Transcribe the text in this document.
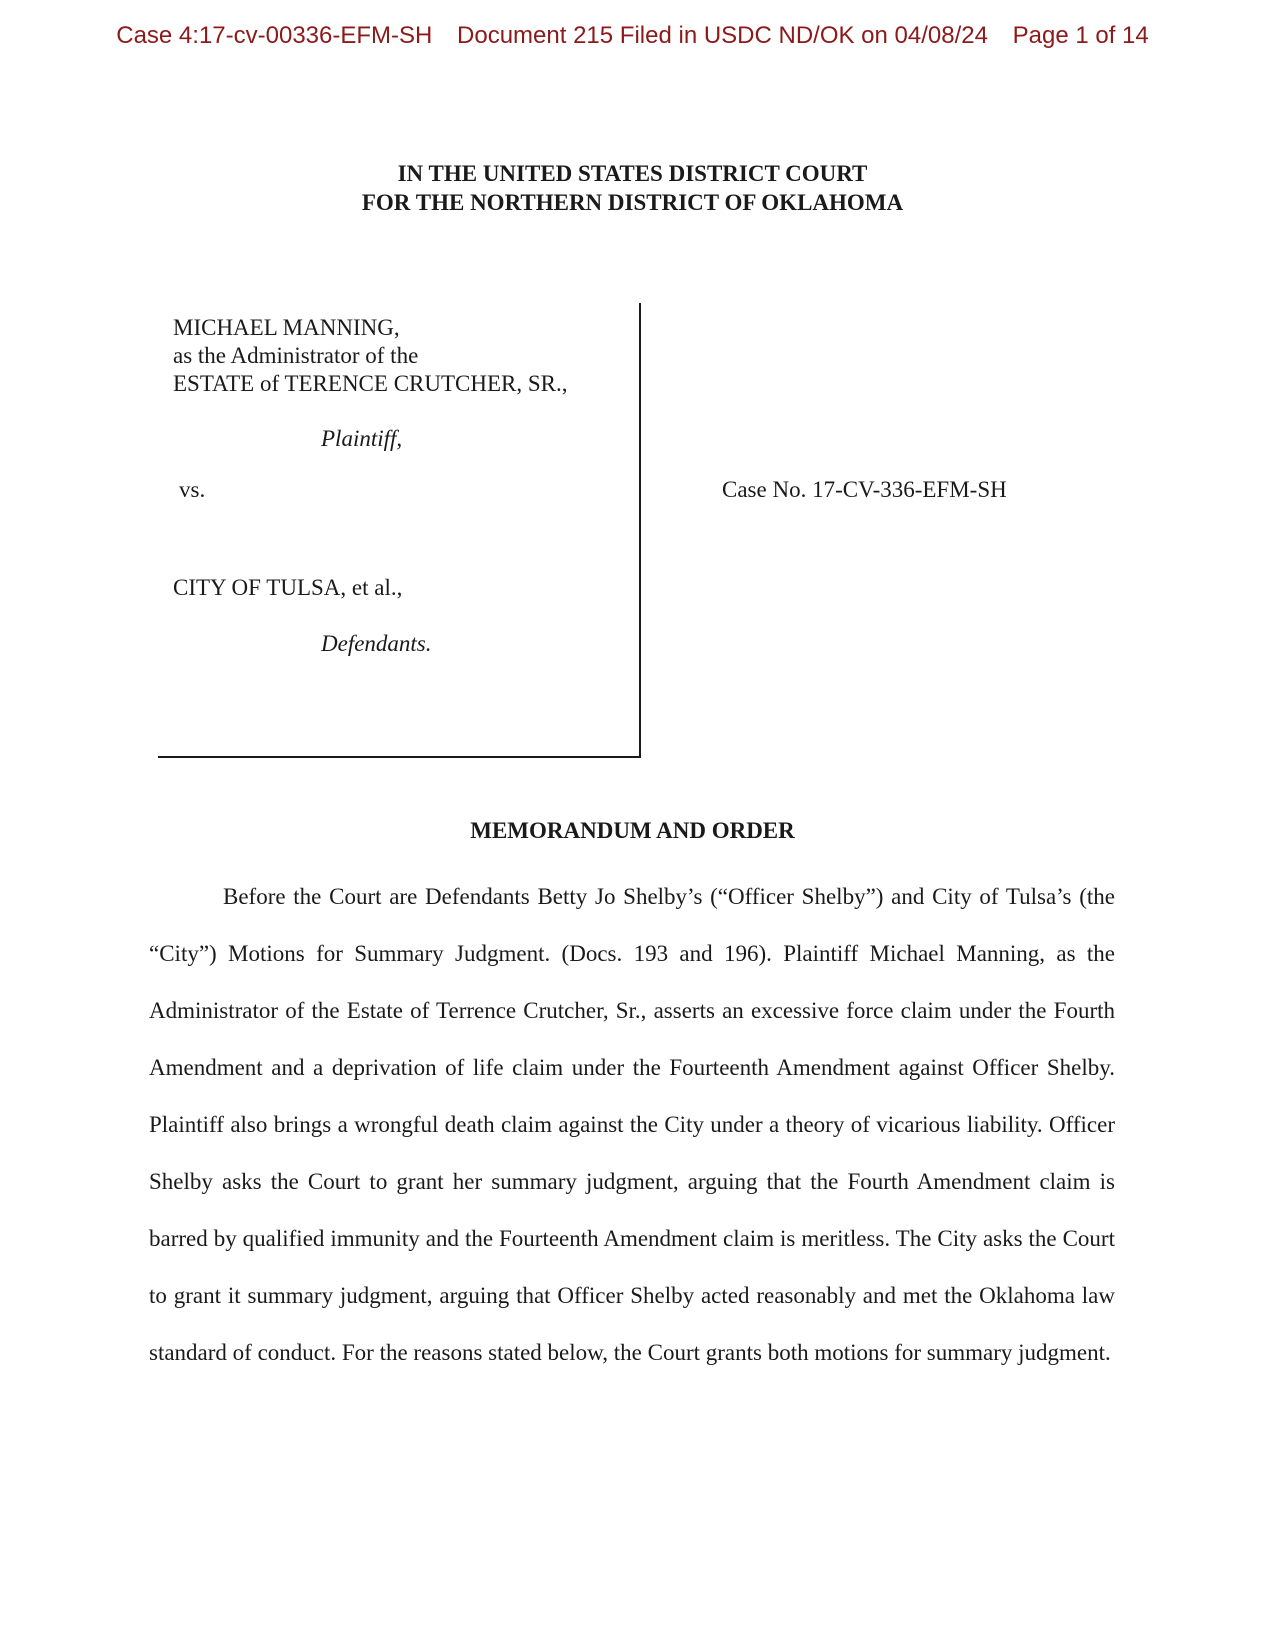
Case 4:17-cv-00336-EFM-SH Document 215 Filed in USDC ND/OK on 04/08/24 Page 1 of 14
IN THE UNITED STATES DISTRICT COURT
FOR THE NORTHERN DISTRICT OF OKLAHOMA
MICHAEL MANNING,
as the Administrator of the
ESTATE of TERENCE CRUTCHER, SR.,
Plaintiff,
vs.
CITY OF TULSA, et al.,
Defendants.
Case No. 17-CV-336-EFM-SH
MEMORANDUM AND ORDER

Before the Court are Defendants Betty Jo Shelby’s (“Officer Shelby”) and City of Tulsa’s (the “City”) Motions for Summary Judgment. (Docs. 193 and 196). Plaintiff Michael Manning, as the Administrator of the Estate of Terrence Crutcher, Sr., asserts an excessive force claim under the Fourth Amendment and a deprivation of life claim under the Fourteenth Amendment against Officer Shelby. Plaintiff also brings a wrongful death claim against the City under a theory of vicarious liability. Officer Shelby asks the Court to grant her summary judgment, arguing that the Fourth Amendment claim is barred by qualified immunity and the Fourteenth Amendment claim is meritless. The City asks the Court to grant it summary judgment, arguing that Officer Shelby acted reasonably and met the Oklahoma law standard of conduct. For the reasons stated below, the Court grants both motions for summary judgment.
